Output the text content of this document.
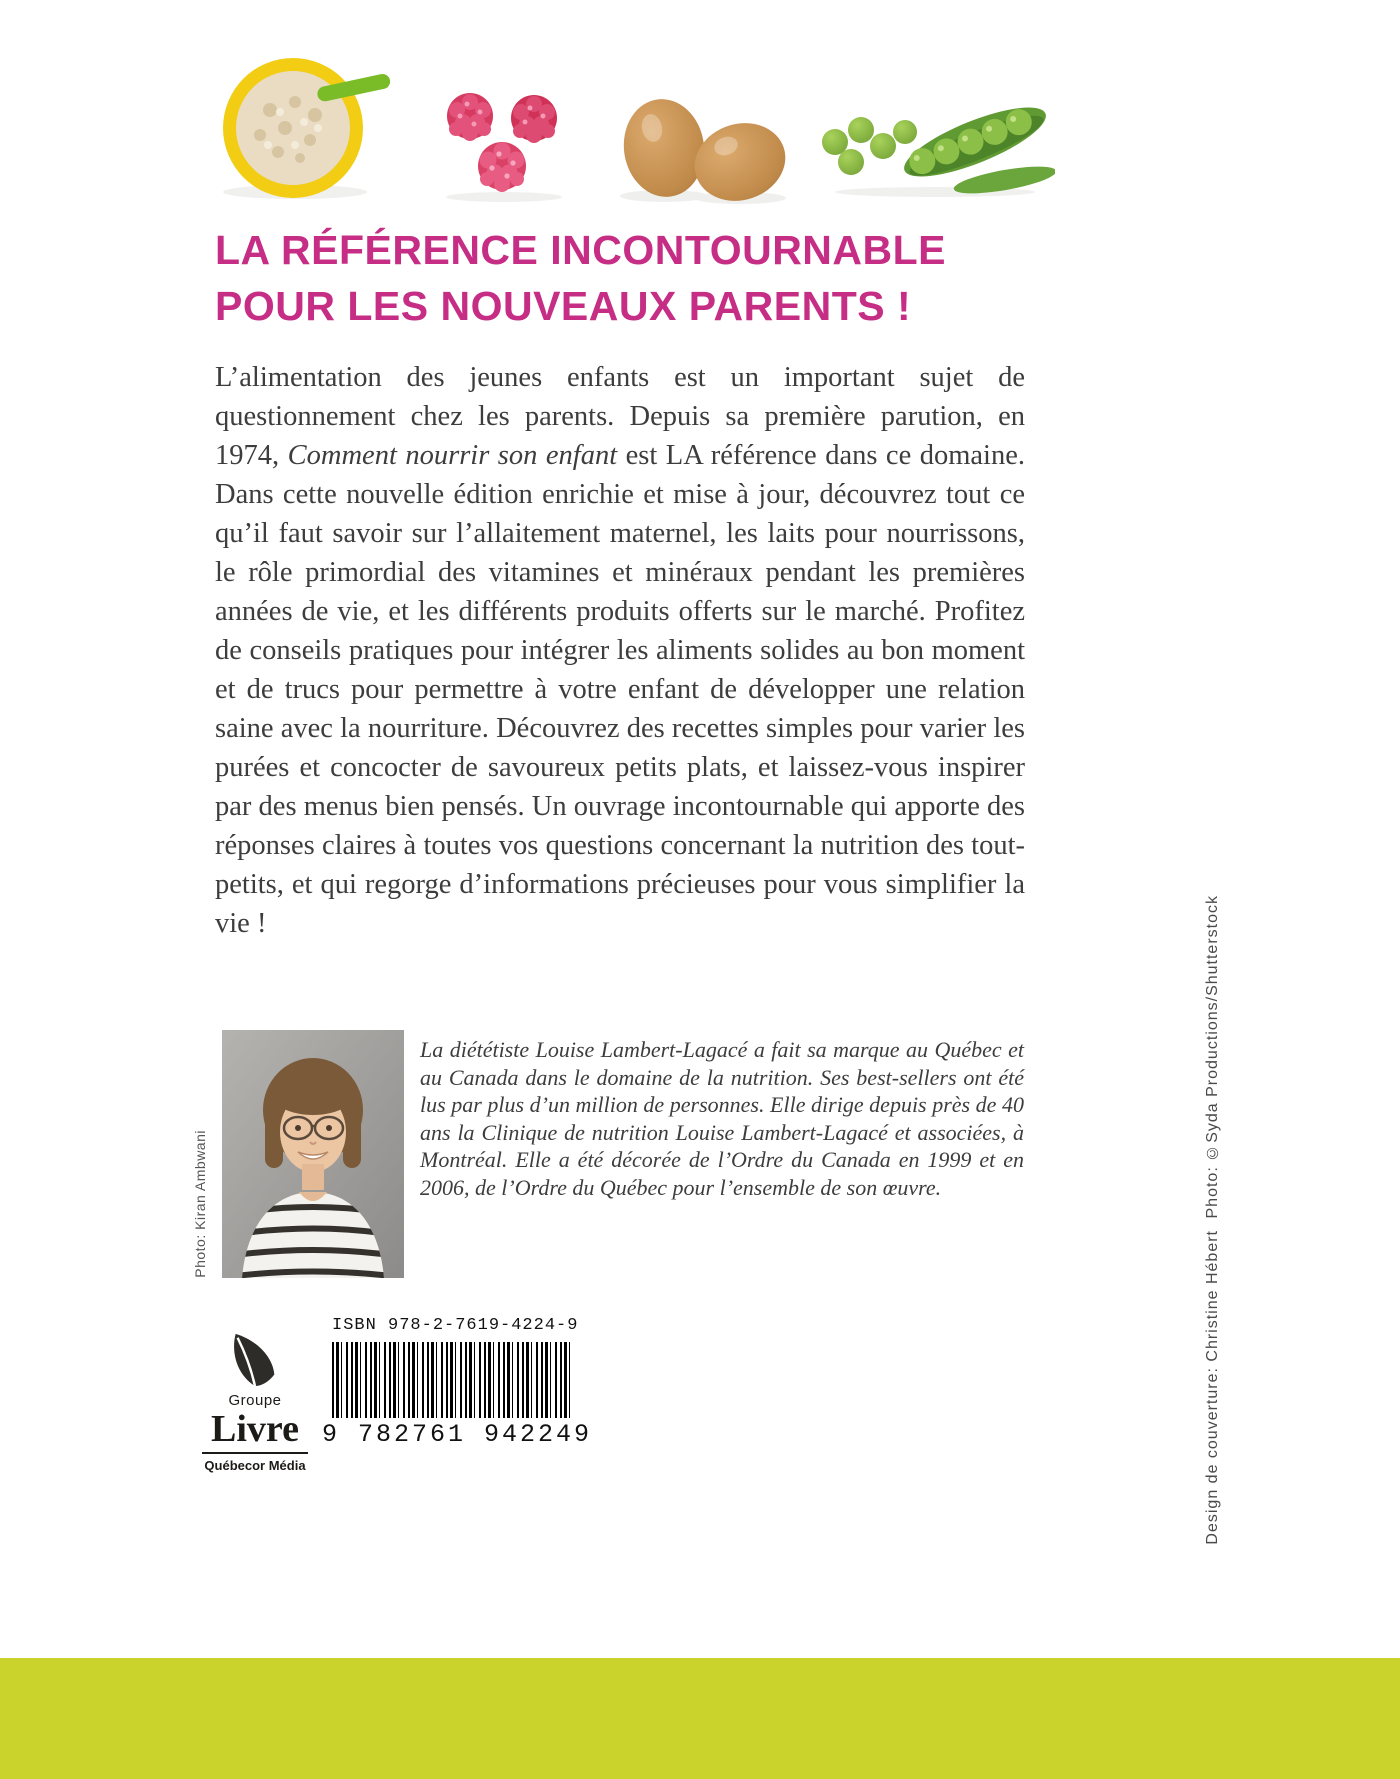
LA RÉFÉRENCE INCONTOURNABLE
POUR LES NOUVEAUX PARENTS !

L’alimentation des jeunes enfants est un important sujet de questionnement chez les parents. Depuis sa première parution, en 1974, Comment nourrir son enfant est LA référence dans ce domaine. Dans cette nouvelle édition enrichie et mise à jour, découvrez tout ce qu’il faut savoir sur l’allaitement maternel, les laits pour nourrissons, le rôle primordial des vitamines et minéraux pendant les premières années de vie, et les différents produits offerts sur le marché. Profitez de conseils pratiques pour intégrer les aliments solides au bon moment et de trucs pour permettre à votre enfant de développer une relation saine avec la nourriture. Découvrez des recettes simples pour varier les purées et concocter de savoureux petits plats, et laissez-vous inspirer par des menus bien pensés. Un ouvrage incontournable qui apporte des réponses claires à toutes vos questions concernant la nutrition des tout-petits, et qui regorge d’informations précieuses pour vous simplifier la vie !

Photo: Kiran Ambwani

La diététiste Louise Lambert-Lagacé a fait sa marque au Québec et au Canada dans le domaine de la nutrition. Ses best-sellers ont été lus par plus d’un million de personnes. Elle dirige depuis près de 40 ans la Clinique de nutrition Louise Lambert-Lagacé et associées, à Montréal. Elle a été décorée de l’Ordre du Canada en 1999 et en 2006, de l’Ordre du Québec pour l’ensemble de son œuvre.

Groupe
Livre
Québecor Média
ISBN 978-2-7619-4224-9
9 782761 942249
Photo: ©Syda Productions/Shutterstock
Design de couverture: Christine Hébert
